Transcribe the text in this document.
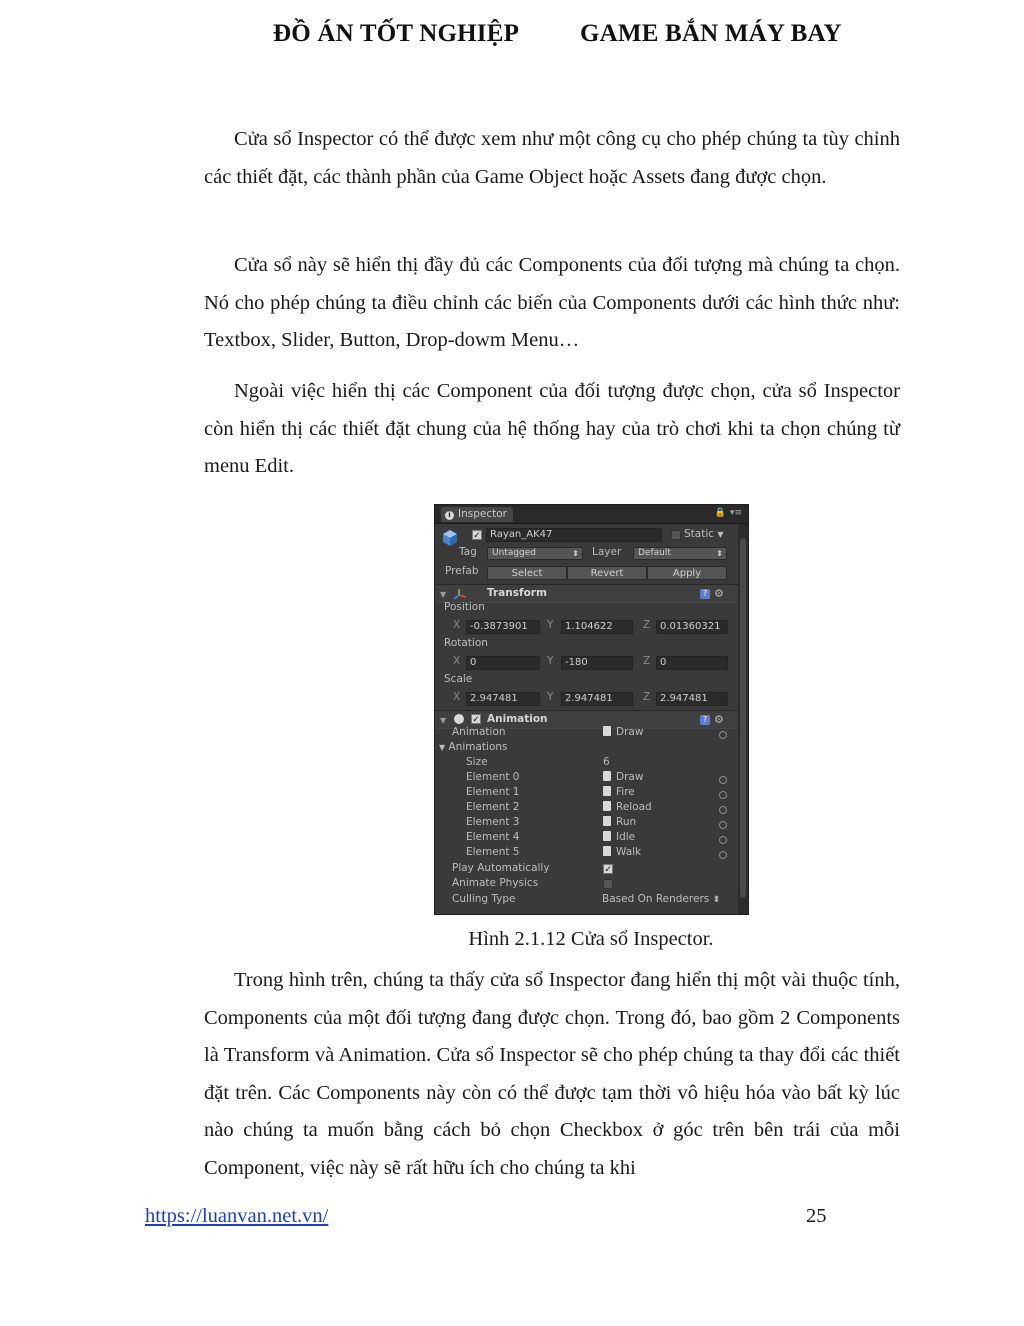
ĐỒ ÁN TỐT NGHIỆP GAME BẮN MÁY BAY

Cửa sổ Inspector có thể được xem như một công cụ cho phép chúng ta tùy chỉnh các thiết đặt, các thành phần của Game Object hoặc Assets đang được chọn.

Cửa sổ này sẽ hiển thị đầy đủ các Components của đối tượng mà chúng ta chọn. Nó cho phép chúng ta điều chỉnh các biến của Components dưới các hình thức như: Textbox, Slider, Button, Drop-dowm Menu…

Ngoài việc hiển thị các Component của đối tượng được chọn, cửa sổ Inspector còn hiển thị các thiết đặt chung của hệ thống hay của trò chơi khi ta chọn chúng từ menu Edit.

i Inspector	🔒 ▾≡
✓ Rayan_AK47	Static ▼
Tag	Untagged	⬍ Layer	Default	⬍
Prefab	Select	Revert	Apply
▼	Transform	? ⚙
Position
X -0.3873901	Y	1.104622	Z 0.01360321
Rotation
X 0	Y	-180	Z 0
Scale
X 2.947481	Y	2.947481	Z 2.947481
▼	✓ Animation	? ⚙
Animation	Draw
▼ Animations
Size	6
Element 0	Draw
Element 1	Fire
Element 2	Reload
Element 3	Run
Element 4	Idle
Element 5	Walk
Play Automatically	✓
Animate Physics
Culling Type	Based On Renderers ⬍
Hình 2.1.12 Cửa sổ Inspector.

Trong hình trên, chúng ta thấy cửa sổ Inspector đang hiển thị một vài thuộc tính, Components của một đối tượng đang được chọn. Trong đó, bao gồm 2 Components là Transform và Animation. Cửa sổ Inspector sẽ cho phép chúng ta thay đổi các thiết đặt trên. Các Components này còn có thể được tạm thời vô hiệu hóa vào bất kỳ lúc nào chúng ta muốn bằng cách bỏ chọn Checkbox ở góc trên bên trái của mỗi Component, việc này sẽ rất hữu ích cho chúng ta khi

https://luanvan.net.vn/	25
